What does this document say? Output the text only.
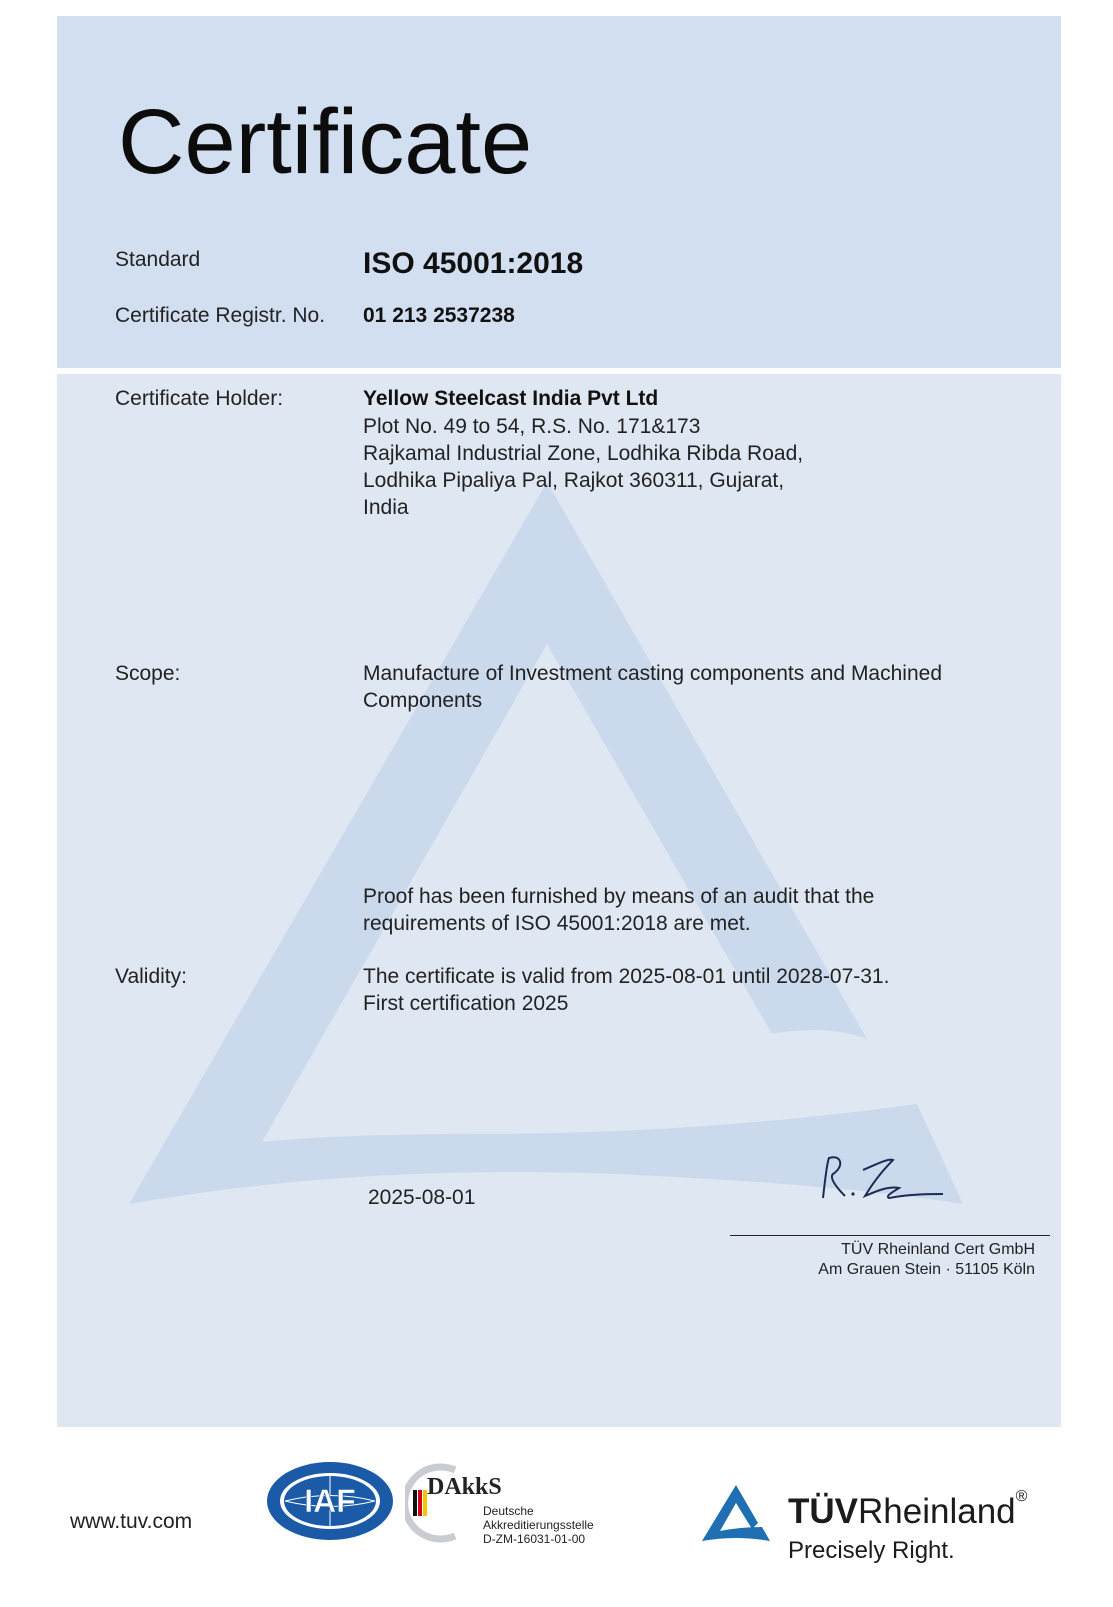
Certificate
Standard	ISO 45001:2018
Certificate Registr. No. 01 213 2537238
Certificate Holder:	Yellow Steelcast India Pvt Ltd
Plot No. 49 to 54, R.S. No. 171&173
Rajkamal Industrial Zone, Lodhika Ribda Road,
Lodhika Pipaliya Pal, Rajkot 360311, Gujarat,
India
Scope:	Manufacture of Investment casting components and Machined
Components
Proof has been furnished by means of an audit that the
requirements of ISO 45001:2018 are met.
Validity:	The certificate is valid from 2025-08-01 until 2028-07-31.
First certification 2025
2025-08-01
TÜV Rheinland Cert GmbH
Am Grauen Stein · 51105 Köln
www.tuv.com
IAF	DAkkS
Deutsche
Akkreditierungsstelle
D-ZM-16031-01-00
TÜVRheinland®
Precisely Right.
